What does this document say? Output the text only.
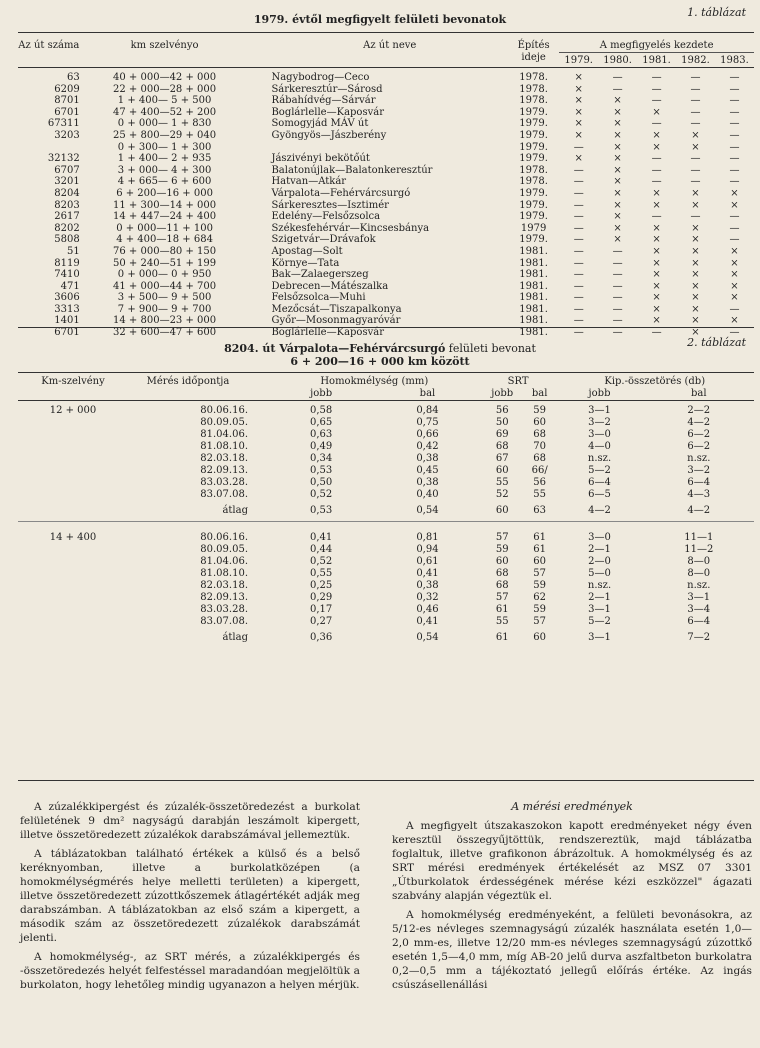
1. táblázat
1979. évtől megfigyelt felületi bevonatok
Az út száma	km szelvényo	Az út neve	Építés ideje	A megfigyelés kezdete				
				1979.	1980.	1981.	1982.	1983.

63	40 + 000—42 + 000	Nagybodrog—Ceco	1978.	×	—	—	—	—
6209	22 + 000—28 + 000	Sárkeresztúr—Sárosd	1978.	×	—	—	—	—
8701	1 + 400— 5 + 500	Rábahídvég—Sárvár	1978.	×	×	—	—	—
6701	47 + 400—52 + 200	Boglárlelle—Kaposvár	1979.	×	×	×	—	—
67311	0 + 000— 1 + 830	Somogyjád MÁV út	1979.	×	×	—	—	—
3203	25 + 800—29 + 040	Gyöngyös—Jászberény	1979.	×	×	×	×	—
	0 + 300— 1 + 300		1979.	—	×	×	×	—
32132	1 + 400— 2 + 935	Jászivényi bekötőút	1979.	×	×	—	—	—
6707	3 + 000— 4 + 300	Balatonújlak—Balatonkeresztúr	1978.	—	×	—	—	—
3201	4 + 665— 6 + 600	Hatvan—Atkár	1978.	—	×	—	—	—
8204	6 + 200—16 + 000	Várpalota—Fehérvárcsurgó	1979.	—	×	×	×	×
8203	11 + 300—14 + 000	Sárkeresztes—Isztimér	1979.	—	×	×	×	×
2617	14 + 447—24 + 400	Edelény—Felsőzsolca	1979.	—	×	—	—	—
8202	0 + 000—11 + 100	Székesfehérvár—Kincsesbánya	1979	—	×	×	×	—
5808	4 + 400—18 + 684	Szigetvár—Drávafok	1979.	—	×	×	×	—
51	76 + 000—80 + 150	Apostag—Solt	1981.	—	—	×	×	×
8119	50 + 240—51 + 199	Környe—Tata	1981.	—	—	×	×	×
7410	0 + 000— 0 + 950	Bak—Zalaegerszeg	1981.	—	—	×	×	×
471	41 + 000—44 + 700	Debrecen—Mátészalka	1981.	—	—	×	×	×
3606	3 + 500— 9 + 500	Felsőzsolca—Muhi	1981.	—	—	×	×	×
3313	7 + 900— 9 + 700	Mezőcsát—Tiszapalkonya	1981.	—	—	×	×	—
1401	14 + 800—23 + 000	Győr—Mosonmagyaróvár	1981.	—	—	×	×	×
6701	32 + 600—47 + 600	Boglárlelle—Kaposvár	1981.	—	—	—	×	—
2. táblázat
8204. út Várpalota—Fehérvárcsurgó felületi bevonat
6 + 200—16 + 000 km között
Km-szelvény	Mérés időpontja	Homokmélység (mm)		SRT		Kip.-összetörés (db)	
		jobb	bal	jobb	bal	jobb	bal

12 + 000	80.06.16.	0,58	0,84	56	59	3—1	2—2
	80.09.05.	0,65	0,75	50	60	3—2	4—2
	81.04.06.	0,63	0,66	69	68	3—0	6—2
	81.08.10.	0,49	0,42	68	70	4—0	6—2
	82.03.18.	0,34	0,38	67	68	n.sz.	n.sz.
	82.09.13.	0,53	0,45	60	66/	5—2	3—2
	83.03.28.	0,50	0,38	55	56	6—4	6—4
	83.07.08.	0,52	0,40	52	55	6—5	4—3
	átlag	0,53	0,54	60	63	4—2	4—2

14 + 400	80.06.16.	0,41	0,81	57	61	3—0	11—1
	80.09.05.	0,44	0,94	59	61	2—1	11—2
	81.04.06.	0,52	0,61	60	60	2—0	8—0
	81.08.10.	0,55	0,41	68	57	5—0	8—0
	82.03.18.	0,25	0,38	68	59	n.sz.	n.sz.
	82.09.13.	0,29	0,32	57	62	2—1	3—1
	83.03.28.	0,17	0,46	61	59	3—1	3—4
	83.07.08.	0,27	0,41	55	57	5—2	6—4
	átlag	0,36	0,54	61	60	3—1	7—2

A zúzalékkipergést és zúzalék-összetöredezést a burkolat felületének 9 dm² nagyságú darabján leszámolt kipergett, illetve összetöredezett zúzalékok darabszámával jellemeztük.

A táblázatokban található értékek a külső és a belső keréknyomban, illetve a burkolatközépen (a homokmélységmérés helye melletti területen) a kipergett, illetve összetöredezett zúzottkőszemek átlagértékét adják meg darabszámban. A táblázatokban az első szám a kipergett, a második szám az összetöredezett zúzalékok darabszámát jelenti.

A homokmélység-, az SRT mérés, a zúzalékkipergés és -összetöredezés helyét felfestéssel maradandóan megjelöltük a burkolaton, hogy lehetőleg mindig ugyanazon a helyen mérjük.

A mérési eredmények

A megfigyelt útszakaszokon kapott eredményeket négy éven keresztül összegyűjtöttük, rendszereztük, majd táblázatba foglaltuk, illetve grafikonon ábrázoltuk. A homokmélység és az SRT mérési eredmények értékelését az MSZ 07 3301 „Útburkolatok érdességének mérése kézi eszközzel" ágazati szabvány alapján végeztük el.

A homokmélység eredményeként, a felületi bevonásokra, az 5/12-es névleges szemnagyságú zúzalék használata esetén 1,0—2,0 mm-es, illetve 12/20 mm-es névleges szemnagyságú zúzottkő esetén 1,5—4,0 mm, míg AB-20 jelű durva aszfaltbeton burkolatra 0,2—0,5 mm a tájékoztató jellegű előírás értéke. Az ingás csúszásellenállási
